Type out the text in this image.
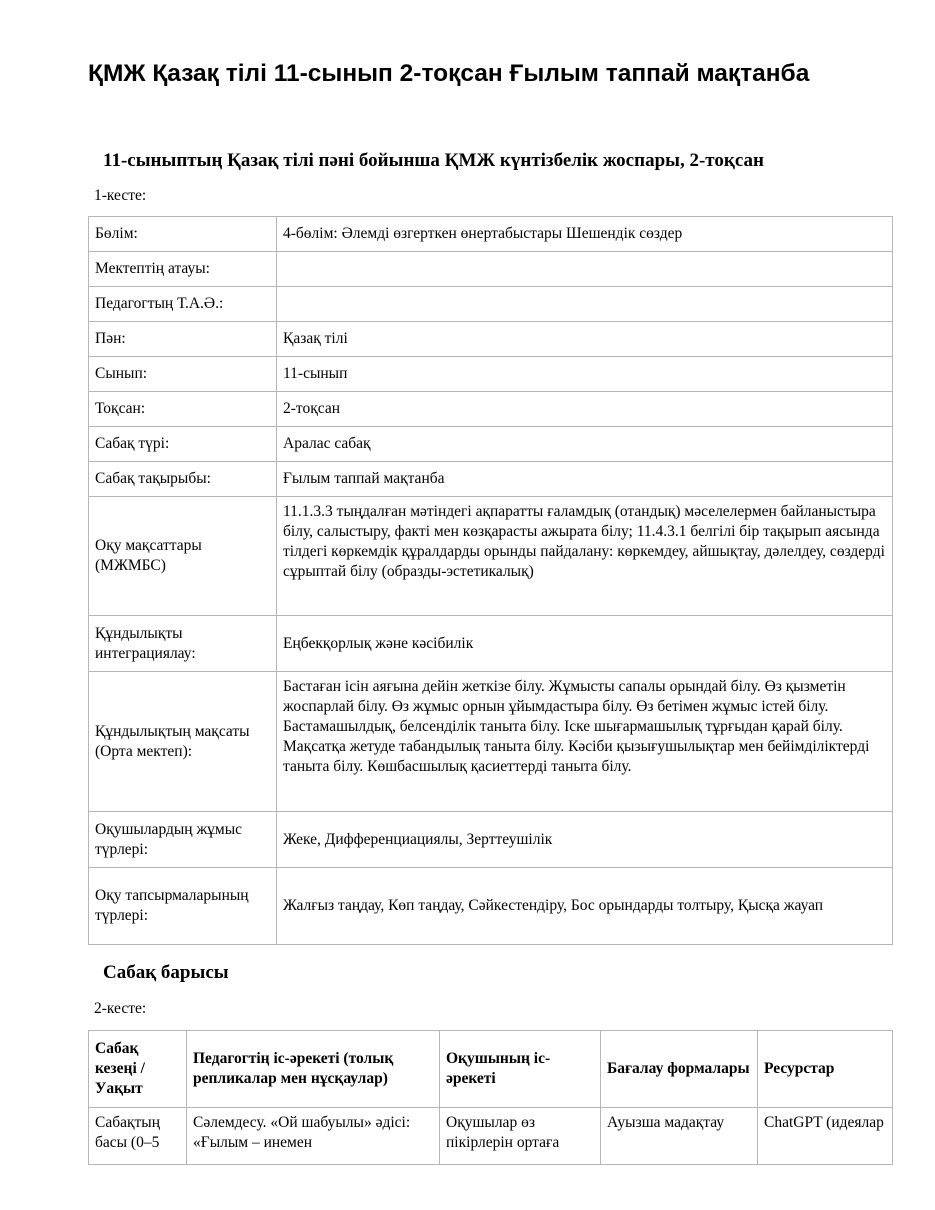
ҚМЖ Қазақ тілі 11-сынып 2-тоқсан Ғылым таппай мақтанба
11-сыныптың Қазақ тілі пәні бойынша ҚМЖ күнтізбелік жоспары, 2-тоқсан
1-кесте:
Бөлім:	4-бөлім: Әлемді өзгерткен өнертабыстары Шешендік сөздер
Мектептің атауы:	
Педагогтың Т.А.Ә.:	
Пән:	Қазақ тілі
Сынып:	11-сынып
Тоқсан:	2-тоқсан
Сабақ түрі:	Аралас сабақ
Сабақ тақырыбы:	Ғылым таппай мақтанба
Оқу мақсаттары (МЖМБС)	11.1.3.3 тыңдалған мәтіндегі ақпаратты ғаламдық (отандық) мәселелермен байланыстыра білу, салыстыру, факті мен көзқарасты ажырата білу; 11.4.3.1 белгілі бір тақырып аясында тілдегі көркемдік құралдарды орынды пайдалану: көркемдеу, айшықтау, дәлелдеу, сөздерді сұрыптай білу (образды-эстетикалық)
Құндылықты интеграциялау:	Еңбекқорлық және кәсібилік
Құндылықтың мақсаты (Орта мектеп):	Бастаған ісін аяғына дейін жеткізе білу. Жұмысты сапалы орындай білу. Өз қызметін жоспарлай білу. Өз жұмыс орнын ұйымдастыра білу. Өз бетімен жұмыс істей білу. Бастамашылдық, белсенділік таныта білу. Іске шығармашылық тұрғыдан қарай білу. Мақсатқа жетуде табандылық таныта білу. Кәсіби қызығушылықтар мен бейімділіктерді таныта білу. Көшбасшылық қасиеттерді таныта білу.
Оқушылардың жұмыс түрлері:	Жеке, Дифференциациялы, Зерттеушілік
Оқу тапсырмаларының түрлері:	Жалғыз таңдау, Көп таңдау, Сәйкестендіру, Бос орындарды толтыру, Қысқа жауап
Сабақ барысы
2-кесте:
Сабақ кезеңі / Уақыт	Педагогтің іс-әрекеті (толық репликалар мен нұсқаулар)	Оқушының іс-әрекеті	Бағалау формалары	Ресурстар

Сабақтың басы (0–5	Сәлемдесу. «Ой шабуылы» әдісі: «Ғылым – инемен	Оқушылар өз пікірлерін ортаға	Ауызша мадақтау	ChatGPT (идеялар
